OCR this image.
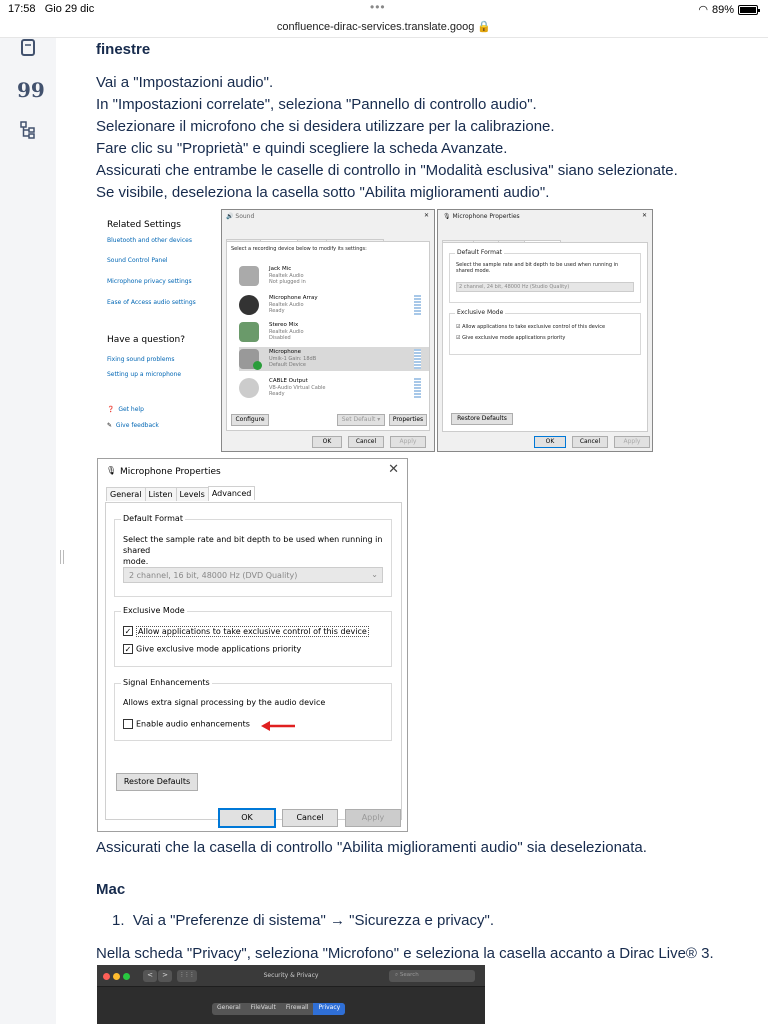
17:58 Gio 29 dic	•••
confluence-dirac-services.translate.goog 🔒
◠ 89%
99
finestre
Vai a "Impostazioni audio".
In "Impostazioni correlate", seleziona "Pannello di controllo audio".
Selezionare il microfono che si desidera utilizzare per la calibrazione.
Fare clic su "Proprietà" e quindi scegliere la scheda Avanzate.
Assicurati che entrambe le caselle di controllo in "Modalità esclusiva" siano selezionate.
Se visibile, deseleziona la casella sotto "Abilita miglioramenti audio".
Assicurati che la casella di controllo "Abilita miglioramenti audio" sia deselezionata.
Mac
1. Vai a "Preferenze di sistema" → "Sicurezza e privacy".
Nella scheda "Privacy", seleziona "Microfono" e seleziona la casella accanto a Dirac Live® 3.
Related Settings
Bluetooth and other devices
Sound Control Panel
Microphone privacy settings
Ease of Access audio settings
Have a question?
Fixing sound problems
Setting up a microphone
❓ Get help
✎ Give feedback
🔊 Sound	✕
Select a recording device below to modify its settings:
Jack Mic
Realtek Audio
Not plugged in
Microphone Array
Realtek Audio
Ready
Stereo Mix
Realtek Audio
Disabled
Microphone
Umik-1 Gain: 18dB
Default Device
CABLE Output
VB-Audio Virtual Cable
Ready
Configure	Set Default ▾	Properties
OK	Cancel	Apply
🎙 Microphone Properties	✕
Default Format
Select the sample rate and bit depth to be used when running in shared mode.
2 channel, 24 bit, 48000 Hz (Studio Quality)
Exclusive Mode
☑ Allow applications to take exclusive control of this device
☑ Give exclusive mode applications priority
Restore Defaults
OK	Cancel	Apply
🎙 Microphone Properties	✕
General Listen Levels Advanced
Default Format
Select the sample rate and bit depth to be used when running in shared
mode.
2 channel, 16 bit, 48000 Hz (DVD Quality)	⌄
Exclusive Mode
✓ Allow applications to take exclusive control of this device
✓ Give exclusive mode applications priority
Signal Enhancements
Allows extra signal processing by the audio device
Enable audio enhancements
Restore Defaults
OK	Cancel	Apply
<	>	⋮⋮⋮	Security & Privacy	⌕ Search
General	FileVault	Firewall	Privacy
